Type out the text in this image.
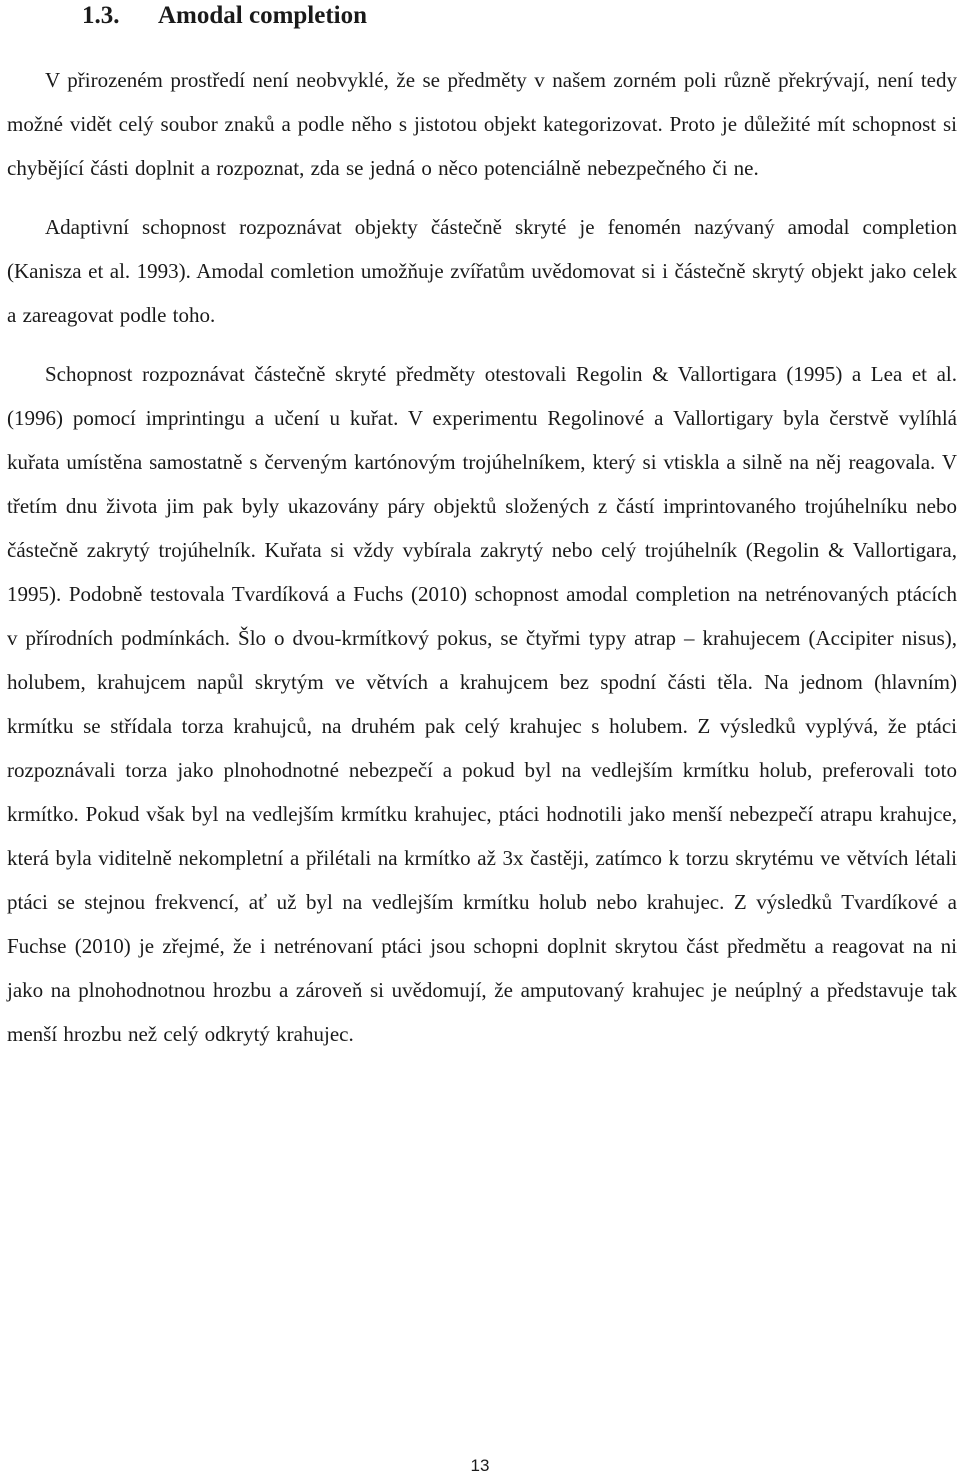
1.3. Amodal completion

V přirozeném prostředí není neobvyklé, že se předměty v našem zorném poli různě překrývají, není tedy možné vidět celý soubor znaků a podle něho s jistotou objekt kategorizovat. Proto je důležité mít schopnost si chybějící části doplnit a rozpoznat, zda se jedná o něco potenciálně nebezpečného či ne.

Adaptivní schopnost rozpoznávat objekty částečně skryté je fenomén nazývaný amodal completion (Kanisza et al. 1993). Amodal comletion umožňuje zvířatům uvědomovat si i částečně skrytý objekt jako celek a zareagovat podle toho.

Schopnost rozpoznávat částečně skryté předměty otestovali Regolin & Vallortigara (1995) a Lea et al. (1996) pomocí imprintingu a učení u kuřat. V experimentu Regolinové a Vallortigary byla čerstvě vylíhlá kuřata umístěna samostatně s červeným kartónovým trojúhelníkem, který si vtiskla a silně na něj reagovala. V třetím dnu života jim pak byly ukazovány páry objektů složených z částí imprintovaného trojúhelníku nebo částečně zakrytý trojúhelník. Kuřata si vždy vybírala zakrytý nebo celý trojúhelník (Regolin & Vallortigara, 1995). Podobně testovala Tvardíková a Fuchs (2010) schopnost amodal completion na netrénovaných ptácích v přírodních podmínkách. Šlo o dvou-krmítkový pokus, se čtyřmi typy atrap – krahujecem (Accipiter nisus), holubem, krahujcem napůl skrytým ve větvích a krahujcem bez spodní části těla. Na jednom (hlavním) krmítku se střídala torza krahujců, na druhém pak celý krahujec s holubem. Z výsledků vyplývá, že ptáci rozpoznávali torza jako plnohodnotné nebezpečí a pokud byl na vedlejším krmítku holub, preferovali toto krmítko. Pokud však byl na vedlejším krmítku krahujec, ptáci hodnotili jako menší nebezpečí atrapu krahujce, která byla viditelně nekompletní a přilétali na krmítko až 3x častěji, zatímco k torzu skrytému ve větvích létali ptáci se stejnou frekvencí, ať už byl na vedlejším krmítku holub nebo krahujec. Z výsledků Tvardíkové a Fuchse (2010) je zřejmé, že i netrénovaní ptáci jsou schopni doplnit skrytou část předmětu a reagovat na ni jako na plnohodnotnou hrozbu a zároveň si uvědomují, že amputovaný krahujec je neúplný a představuje tak menší hrozbu než celý odkrytý krahujec.

13
